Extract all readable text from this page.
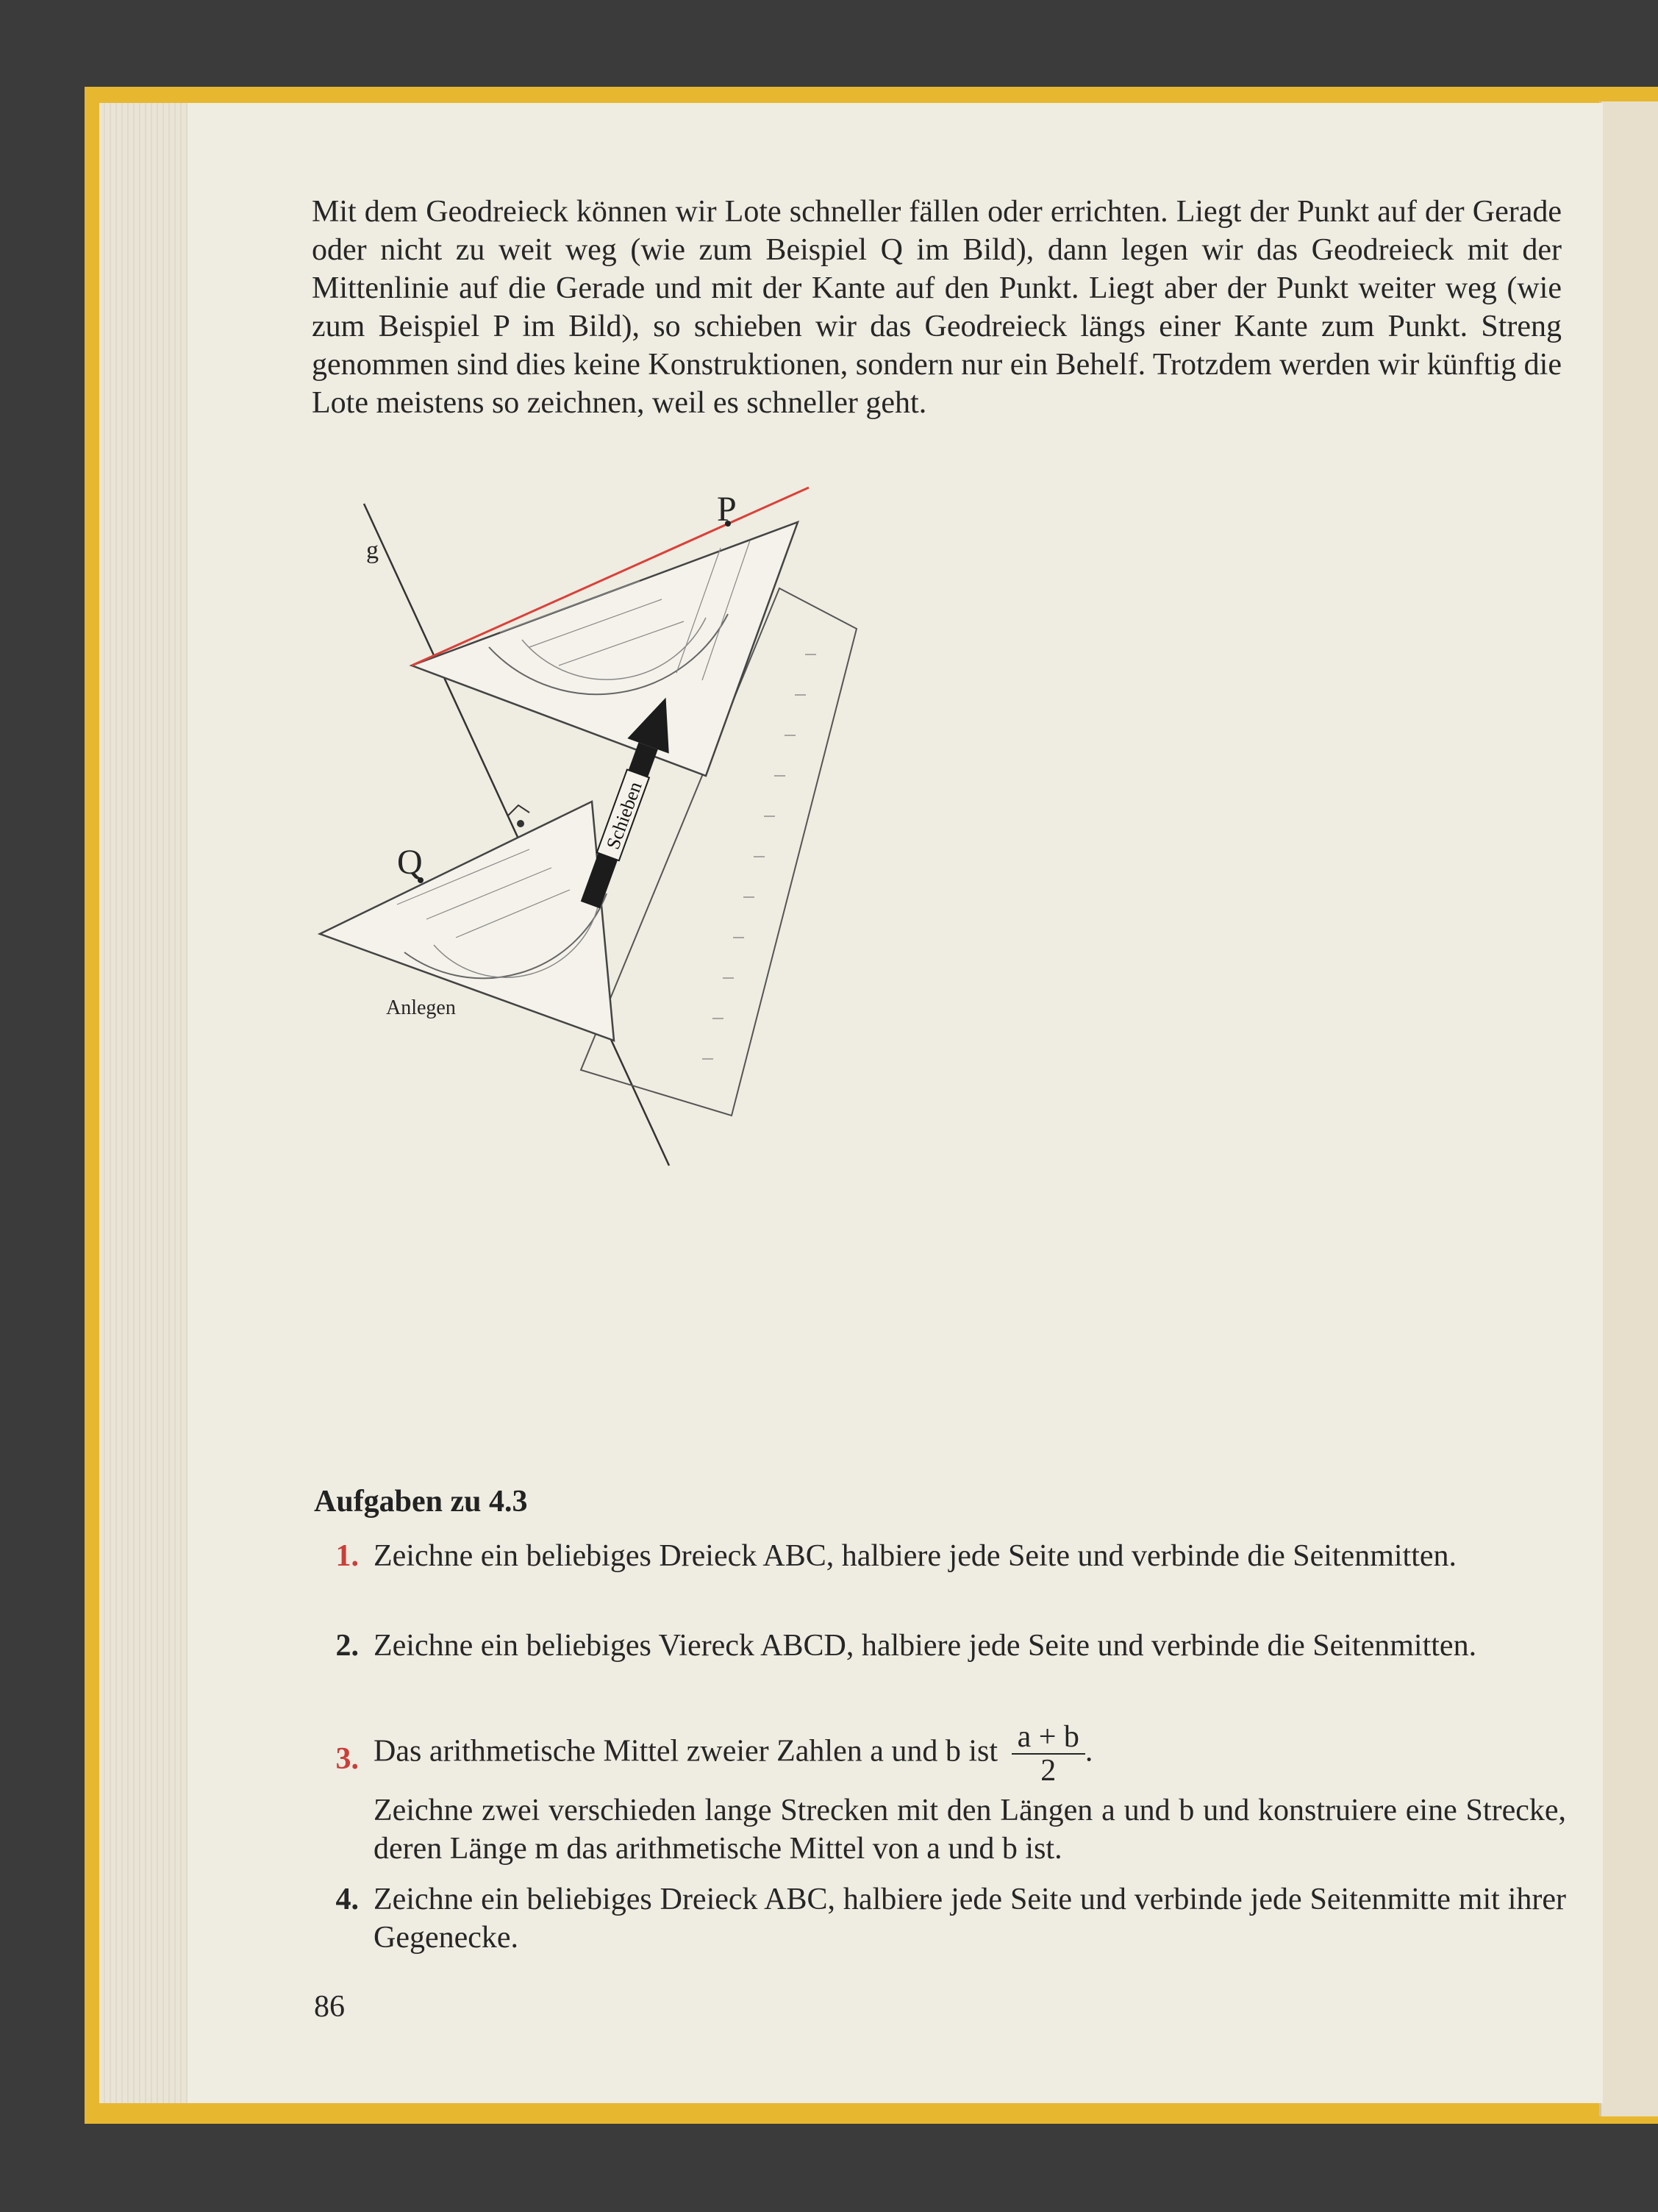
Mit dem Geodreieck können wir Lote schneller fällen oder errichten. Liegt der Punkt auf der Gerade oder nicht zu weit weg (wie zum Beispiel Q im Bild), dann legen wir das Geodreieck mit der Mittenlinie auf die Gerade und mit der Kante auf den Punkt. Liegt aber der Punkt weiter weg (wie zum Beispiel P im Bild), so schieben wir das Geodreieck längs einer Kante zum Punkt. Streng genommen sind dies keine Konstruktionen, sondern nur ein Behelf. Trotzdem werden wir künftig die Lote meistens so zeichnen, weil es schneller geht.

Schieben
P
Q
g
Anlegen
Aufgaben zu 4.3
1. Zeichne ein beliebiges Dreieck ABC, halbiere jede Seite und verbinde die Seitenmitten.
2. Zeichne ein beliebiges Viereck ABCD, halbiere jede Seite und verbinde die Seitenmitten.
3. Das arithmetische Mittel zweier Zahlen a und b ist $\frac{a + b}{2}$ .
Zeichne zwei verschieden lange Strecken mit den Längen a und b und konstruiere eine Strecke, deren Länge m das arithmetische Mittel von a und b ist.
4. Zeichne ein beliebiges Dreieck ABC, halbiere jede Seite und verbinde jede Seitenmitte mit ihrer Gegenecke.
86
